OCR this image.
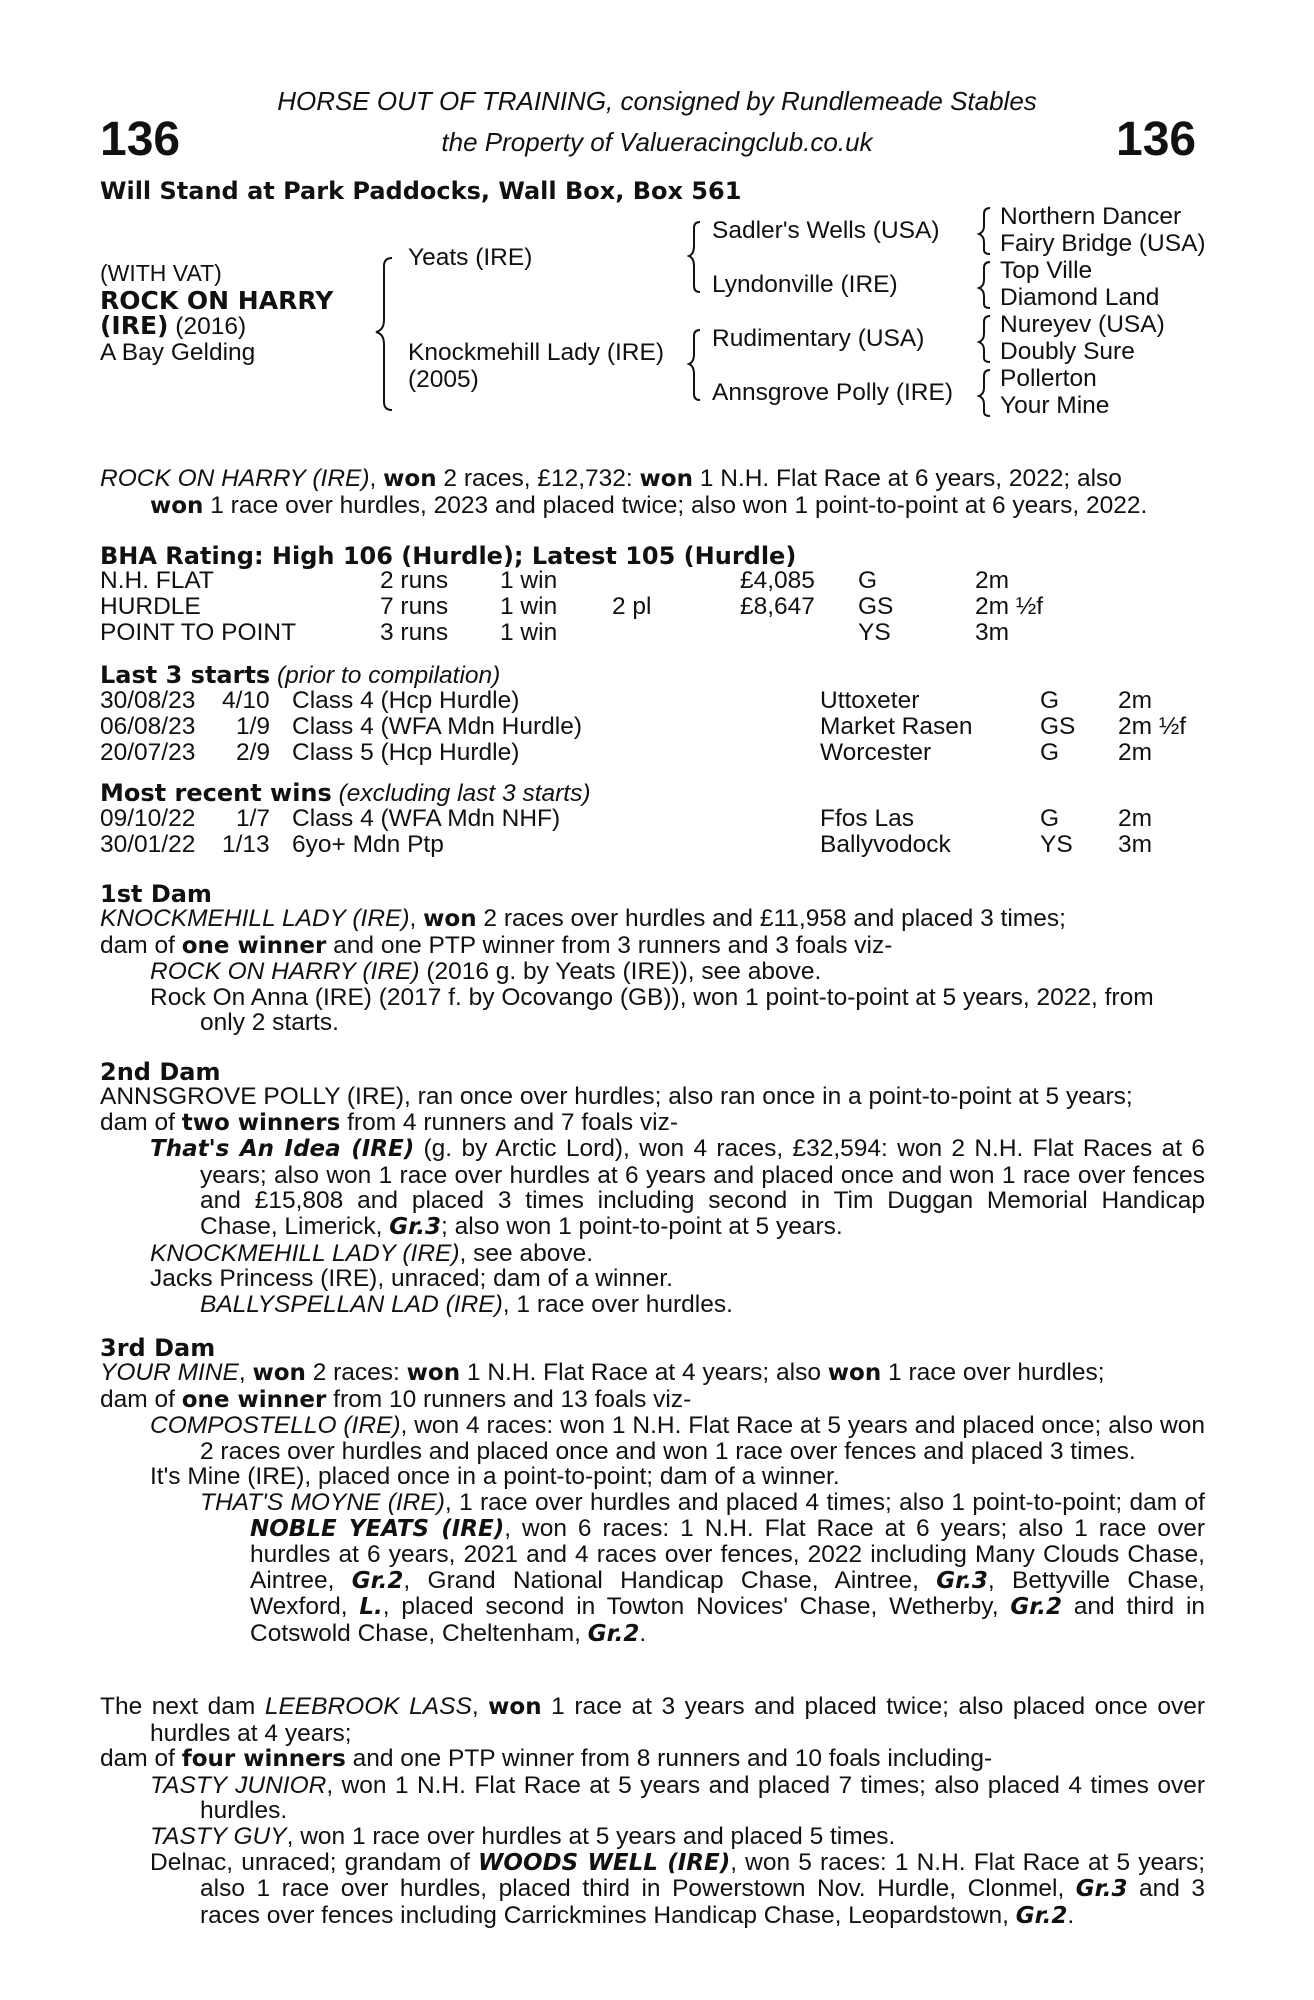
136	136
HORSE OUT OF TRAINING, consigned by Rundlemeade Stables
the Property of Valueracingclub.co.uk
Will Stand at Park Paddocks, Wall Box, Box 561
(WITH VAT)
ROCK ON HARRY
(IRE) (2016)
A Bay Gelding
Yeats (IRE)
Knockmehill Lady (IRE)
(2005)
Sadler's Wells (USA)
Lyndonville (IRE)
Rudimentary (USA)
Annsgrove Polly (IRE)
Northern Dancer
Fairy Bridge (USA)
Top Ville
Diamond Land
Nureyev (USA)
Doubly Sure
Pollerton
Your Mine

ROCK ON HARRY (IRE), won 2 races, £12,732: won 1 N.H. Flat Race at 6 years, 2022; also

won 1 race over hurdles, 2023 and placed twice; also won 1 point-to-point at 6 years, 2022.

BHA Rating: High 106 (Hurdle); Latest 105 (Hurdle)
N.H. FLAT	2 runs 1 win	£4,085 G	2m
HURDLE	7 runs 1 win 2 pl	£8,647 GS	2m ½f
POINT TO POINT	3 runs 1 win	YS	3m
Last 3 starts (prior to compilation)
30/08/23 4/10 Class 4 (Hcp Hurdle)	Uttoxeter	G 2m
06/08/23 1/9 Class 4 (WFA Mdn Hurdle)	Market Rasen	GS 2m ½f
20/07/23 2/9 Class 5 (Hcp Hurdle)	Worcester	G 2m
Most recent wins (excluding last 3 starts)
09/10/22 1/7 Class 4 (WFA Mdn NHF)	Ffos Las	G 2m
30/01/22 1/13 6yo+ Mdn Ptp	Ballyvodock	YS 3m
1st Dam

KNOCKMEHILL LADY (IRE), won 2 races over hurdles and £11,958 and placed 3 times;

dam of one winner and one PTP winner from 3 runners and 3 foals viz-

ROCK ON HARRY (IRE) (2016 g. by Yeats (IRE)), see above.

Rock On Anna (IRE) (2017 f. by Ocovango (GB)), won 1 point-to-point at 5 years, 2022, from only 2 starts.

2nd Dam

ANNSGROVE POLLY (IRE), ran once over hurdles; also ran once in a point-to-point at 5 years;

dam of two winners from 4 runners and 7 foals viz-

That's An Idea (IRE) (g. by Arctic Lord), won 4 races, £32,594: won 2 N.H. Flat Races at 6 years; also won 1 race over hurdles at 6 years and placed once and won 1 race over fences and £15,808 and placed 3 times including second in Tim Duggan Memorial Handicap Chase, Limerick, Gr.3; also won 1 point-to-point at 5 years.

KNOCKMEHILL LADY (IRE), see above.

Jacks Princess (IRE), unraced; dam of a winner.

BALLYSPELLAN LAD (IRE), 1 race over hurdles.

3rd Dam

YOUR MINE, won 2 races: won 1 N.H. Flat Race at 4 years; also won 1 race over hurdles;

dam of one winner from 10 runners and 13 foals viz-

COMPOSTELLO (IRE), won 4 races: won 1 N.H. Flat Race at 5 years and placed once; also won 2 races over hurdles and placed once and won 1 race over fences and placed 3 times.

It's Mine (IRE), placed once in a point-to-point; dam of a winner.

THAT'S MOYNE (IRE), 1 race over hurdles and placed 4 times; also 1 point-to-point; dam of NOBLE YEATS (IRE), won 6 races: 1 N.H. Flat Race at 6 years; also 1 race over hurdles at 6 years, 2021 and 4 races over fences, 2022 including Many Clouds Chase, Aintree, Gr.2, Grand National Handicap Chase, Aintree, Gr.3, Bettyville Chase, Wexford, L., placed second in Towton Novices' Chase, Wetherby, Gr.2 and third in Cotswold Chase, Cheltenham, Gr.2.

The next dam LEEBROOK LASS, won 1 race at 3 years and placed twice; also placed once over hurdles at 4 years;

dam of four winners and one PTP winner from 8 runners and 10 foals including-

TASTY JUNIOR, won 1 N.H. Flat Race at 5 years and placed 7 times; also placed 4 times over hurdles.

TASTY GUY, won 1 race over hurdles at 5 years and placed 5 times.

Delnac, unraced; grandam of WOODS WELL (IRE), won 5 races: 1 N.H. Flat Race at 5 years; also 1 race over hurdles, placed third in Powerstown Nov. Hurdle, Clonmel, Gr.3 and 3 races over fences including Carrickmines Handicap Chase, Leopardstown, Gr.2.
